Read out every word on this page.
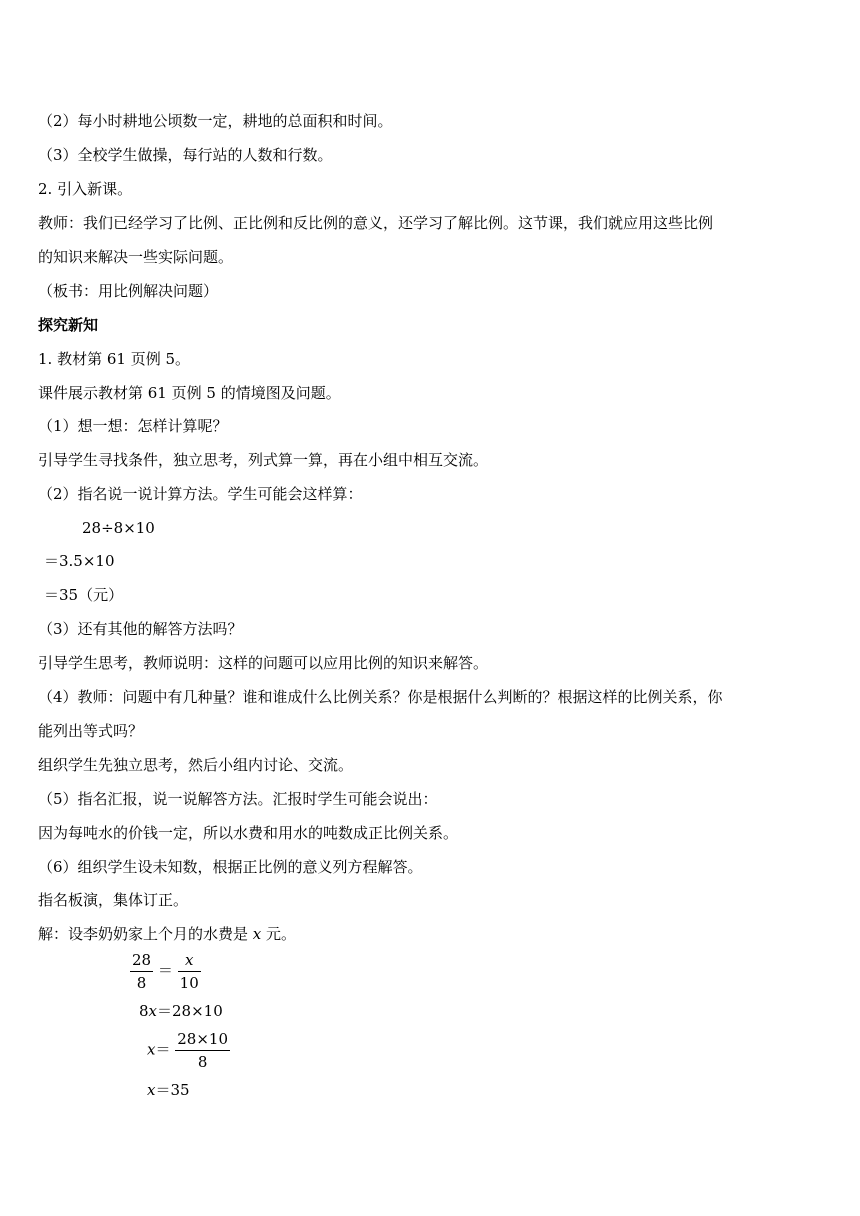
（2）每小时耕地公顷数一定，耕地的总面积和时间。
（3）全校学生做操，每行站的人数和行数。
2. 引入新课。
教师：我们已经学习了比例、正比例和反比例的意义，还学习了解比例。这节课，我们就应用这些比例
的知识来解决一些实际问题。
（板书：用比例解决问题）
探究新知
1. 教材第 61 页例 5。
课件展示教材第 61 页例 5 的情境图及问题。
（1）想一想：怎样计算呢？
引导学生寻找条件，独立思考，列式算一算，再在小组中相互交流。
（2）指名说一说计算方法。学生可能会这样算：
28÷8×10
＝3.5×10
＝35（元）
（3）还有其他的解答方法吗？
引导学生思考，教师说明：这样的问题可以应用比例的知识来解答。
（4）教师：问题中有几种量？谁和谁成什么比例关系？你是根据什么判断的？根据这样的比例关系，你
能列出等式吗？
组织学生先独立思考，然后小组内讨论、交流。
（5）指名汇报，说一说解答方法。汇报时学生可能会说出：
因为每吨水的价钱一定，所以水费和用水的吨数成正比例关系。
（6）组织学生设未知数，根据正比例的意义列方程解答。
指名板演，集体订正。
解：设李奶奶家上个月的水费是 x 元。
$\frac{28}{8} = \frac{x}{10}$
8x＝28×10
$x= \frac{28\times 10}{8}$
x＝35
